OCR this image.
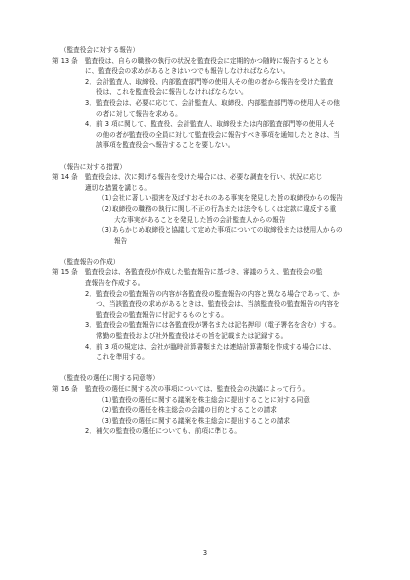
（監査役会に対する報告）
第 13 条	監査役は、自らの職務の執行の状況を監査役会に定期的かつ随時に報告するととも
に、監査役会の求めがあるときはいつでも報告しなければならない。
2． 会計監査人、取締役、内部監査部門等の使用人その他の者から報告を受けた監査
役は、これを監査役会に報告しなければならない。
3． 監査役会は、必要に応じて、会計監査人、取締役、内部監査部門等の使用人その他
の者に対して報告を求める。
4． 前 3 項に関して、監査役、会計監査人、取締役または内部監査部門等の使用人そ
の他の者が監査役の全員に対して監査役会に報告すべき事項を通知したときは、当
該事項を監査役会へ報告することを要しない。
（報告に対する措置）
第 14 条	監査役会は、次に掲げる報告を受けた場合には、必要な調査を行い、状況に応じ
適切な措置を講じる。
（1）
会社に著しい損害を及ぼすおそれのある事実を発見した旨の取締役からの報告
（2）
取締役の職務の執行に関し不正の行為または法令もしくは定款に違反する重
大な事実があることを発見した旨の会計監査人からの報告
（3）
あらかじめ取締役と協議して定めた事項についての取締役または使用人からの
報告
（監査報告の作成）
第 15 条	監査役会は、各監査役が作成した監査報告に基づき、審議のうえ、監査役会の監
査報告を作成する。
2． 監査役会の監査報告の内容が各監査役の監査報告の内容と異なる場合であって、か
つ、当該監査役の求めがあるときは、監査役会は、当該監査役の監査報告の内容を
監査役会の監査報告に付記するものとする。
3． 監査役会の監査報告には各監査役が署名または記名押印（電子署名を含む）する。
常勤の監査役および社外監査役はその旨を記載または記録する。
4． 前 3 項の規定は、会社が臨時計算書類または連結計算書類を作成する場合には、
これを準用する。
（監査役の選任に関する同意等）
第 16 条	監査役の選任に関する次の事項については、監査役会の決議によって行う。
（1）
監査役の選任に関する議案を株主総会に提出することに対する同意
（2）
監査役の選任を株主総会の会議の目的とすることの請求
（3）
監査役の選任に関する議案を株主総会に提出することの請求
2． 補欠の監査役の選任についても、前項に準じる。
3
